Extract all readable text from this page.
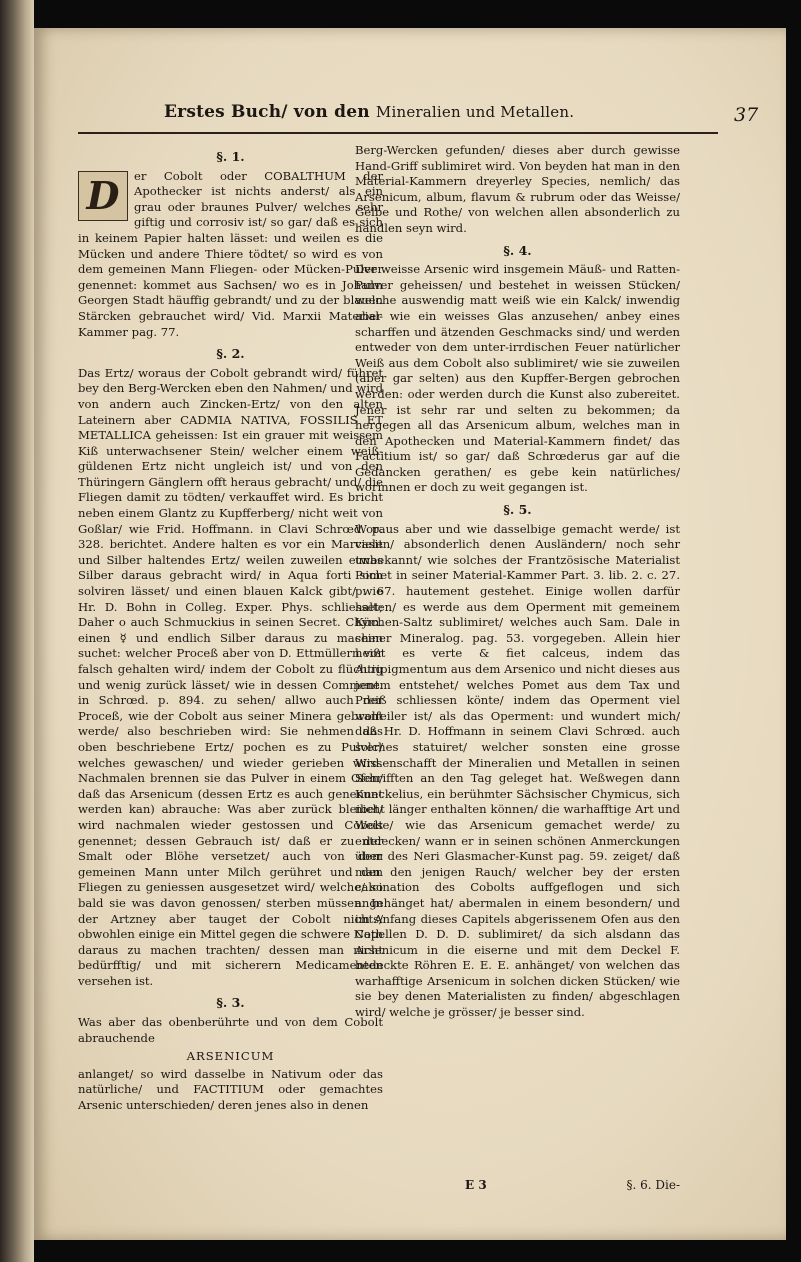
Erstes Buch/ von den Mineralien und Metallen.	37
§. 1.
D	er Cobolt oder COBALTHUM der Apothecker ist nichts anderst/ als ein grau oder braunes Pulver/ welches sehr giftig und corrosiv ist/ so gar/ daß es sich in keinem Papier halten lässet: und weilen es die Mücken und andere Thiere tödtet/ so wird es von dem gemeinen Mann Fliegen- oder Mücken-Pulver genennet: kommet aus Sachsen/ wo es in Johann Georgen Stadt häuffig gebrandt/ und zu der blauen Stärcken gebrauchet wird/ Vid. Marxii Material-Kammer pag. 77.

§. 2.

Das Ertz/ woraus der Cobolt gebrandt wird/ führet bey den Berg-Wercken eben den Nahmen/ und wird von andern auch Zincken-Ertz/ von den alten Lateinern aber CADMIA NATIVA, FOSSILIS ET METALLICA geheissen: Ist ein grauer mit weissem Kiß unterwachsener Stein/ welcher einem weiß-güldenen Ertz nicht ungleich ist/ und von den Thüringern Gänglern offt heraus gebracht/ und/ die Fliegen damit zu tödten/ verkauffet wird. Es bricht neben einem Glantz zu Kupfferberg/ nicht weit von Goßlar/ wie Frid. Hoffmann. in Clavi Schrœd. p. 328. berichtet. Andere halten es vor ein Marcasit und Silber haltendes Ertz/ weilen zuweilen etwas Silber daraus gebracht wird/ in Aqua forti sich solviren lässet/ und einen blauen Kalck gibt/ wie Hr. D. Bohn in Colleg. Exper. Phys. schliesset; Daher o auch Schmuckius in seinen Secret. Chym. einen ☿ und endlich Silber daraus zu machen suchet: welcher Proceß aber von D. Ettmüllern vor falsch gehalten wird/ indem der Cobolt zu flüchtig und wenig zurück lässet/ wie in dessen Comment. in Schrœd. p. 894. zu sehen/ allwo auch der Proceß, wie der Cobolt aus seiner Minera gebrant werde/ also beschrieben wird: Sie nehmen das oben beschriebene Ertz/ pochen es zu Pulver/ welches gewaschen/ und wieder gerieben wird. Nachmalen brennen sie das Pulver in einem Ofen/ daß das Arsenicum (dessen Ertz es auch genennet werden kan) abrauche: Was aber zurück bleibet/ wird nachmalen wieder gestossen und Cobolt genennet; dessen Gebrauch ist/ daß er zu der Smalt oder Blöhe versetzet/ auch von dem gemeinen Mann unter Milch gerühret und den Fliegen zu geniessen ausgesetzet wird/ welche/ so bald sie was davon genossen/ sterben müssen. In der Artzney aber tauget der Cobolt nichts/ obwohlen einige ein Mittel gegen die schwere Noth daraus zu machen trachten/ dessen man nicht bedürfftig/ und mit sicherern Medicamenten versehen ist.

§. 3.

Was aber das obenberührte und von dem Cobolt abrauchende

ARSENICUM

anlanget/ so wird dasselbe in Nativum oder das natürliche/ und FACTITIUM oder gemachtes Arsenic unterschieden/ deren jenes also in denen

Berg-Wercken gefunden/ dieses aber durch gewisse Hand-Griff sublimiret wird. Von beyden hat man in den Material-Kammern dreyerley Species, nemlich/ das Arsenicum, album, flavum & rubrum oder das Weisse/ Gelbe und Rothe/ von welchen allen absonderlich zu handlen seyn wird.

§. 4.

Der weisse Arsenic wird insgemein Mäuß- und Ratten-Pulver geheissen/ und bestehet in weissen Stücken/ welche auswendig matt weiß wie ein Kalck/ inwendig aber wie ein weisses Glas anzusehen/ anbey eines scharffen und ätzenden Geschmacks sind/ und werden entweder von dem unter-irrdischen Feuer natürlicher Weiß aus dem Cobolt also sublimiret/ wie sie zuweilen (aber gar selten) aus den Kupffer-Bergen gebrochen werden: oder werden durch die Kunst also zubereitet. Jener ist sehr rar und selten zu bekommen; da hergegen all das Arsenicum album, welches man in den Apothecken und Material-Kammern findet/ das Factitium ist/ so gar/ daß Schrœderus gar auf die Gedancken gerathen/ es gebe kein natürliches/ worinnen er doch zu weit gegangen ist.

§. 5.

Woraus aber und wie dasselbige gemacht werde/ ist vielen/ absonderlich denen Ausländern/ noch sehr unbekannt/ wie solches der Frantzösische Materialist Pomet in seiner Material-Kammer Part. 3. lib. 2. c. 27. p. 67. hautement gestehet. Einige wollen darfür halten/ es werde aus dem Operment mit gemeinem Küchen-Saltz sublimiret/ welches auch Sam. Dale in seiner Mineralog. pag. 53. vorgegeben. Allein hier heißt es verte & fiet calceus, indem das Auripigmentum aus dem Arsenico und nicht dieses aus jenem entstehet/ welches Pomet aus dem Tax und Preiß schliessen könte/ indem das Operment viel wolfeiler ist/ als das Operment: und wundert mich/ daß Hr. D. Hoffmann in seinem Clavi Schrœd. auch solches statuiret/ welcher sonsten eine grosse Wissenschafft der Mineralien und Metallen in seinen Schrifften an den Tag geleget hat. Weßwegen dann Kunckelius, ein berühmter Sächsischer Chymicus, sich nicht länger enthalten können/ die warhafftige Art und Weise/ wie das Arsenicum gemachet werde/ zu entdecken/ wann er in seinen schönen Anmerckungen über des Neri Glasmacher-Kunst pag. 59. zeiget/ daß man den jenigen Rauch/ welcher bey der ersten calcination des Cobolts auffgeflogen und sich angehänget hat/ abermalen in einem besondern/ und im Anfang dieses Capitels abgerissenem Ofen aus den Capellen D. D. D. sublimiret/ da sich alsdann das Arsenicum in die eiserne und mit dem Deckel F. bedeckte Röhren E. E. E. anhänget/ von welchen das warhafftige Arsenicum in solchen dicken Stücken/ wie sie bey denen Materialisten zu finden/ abgeschlagen wird/ welche je grösser/ je besser sind.

E 3	§. 6. Die-
